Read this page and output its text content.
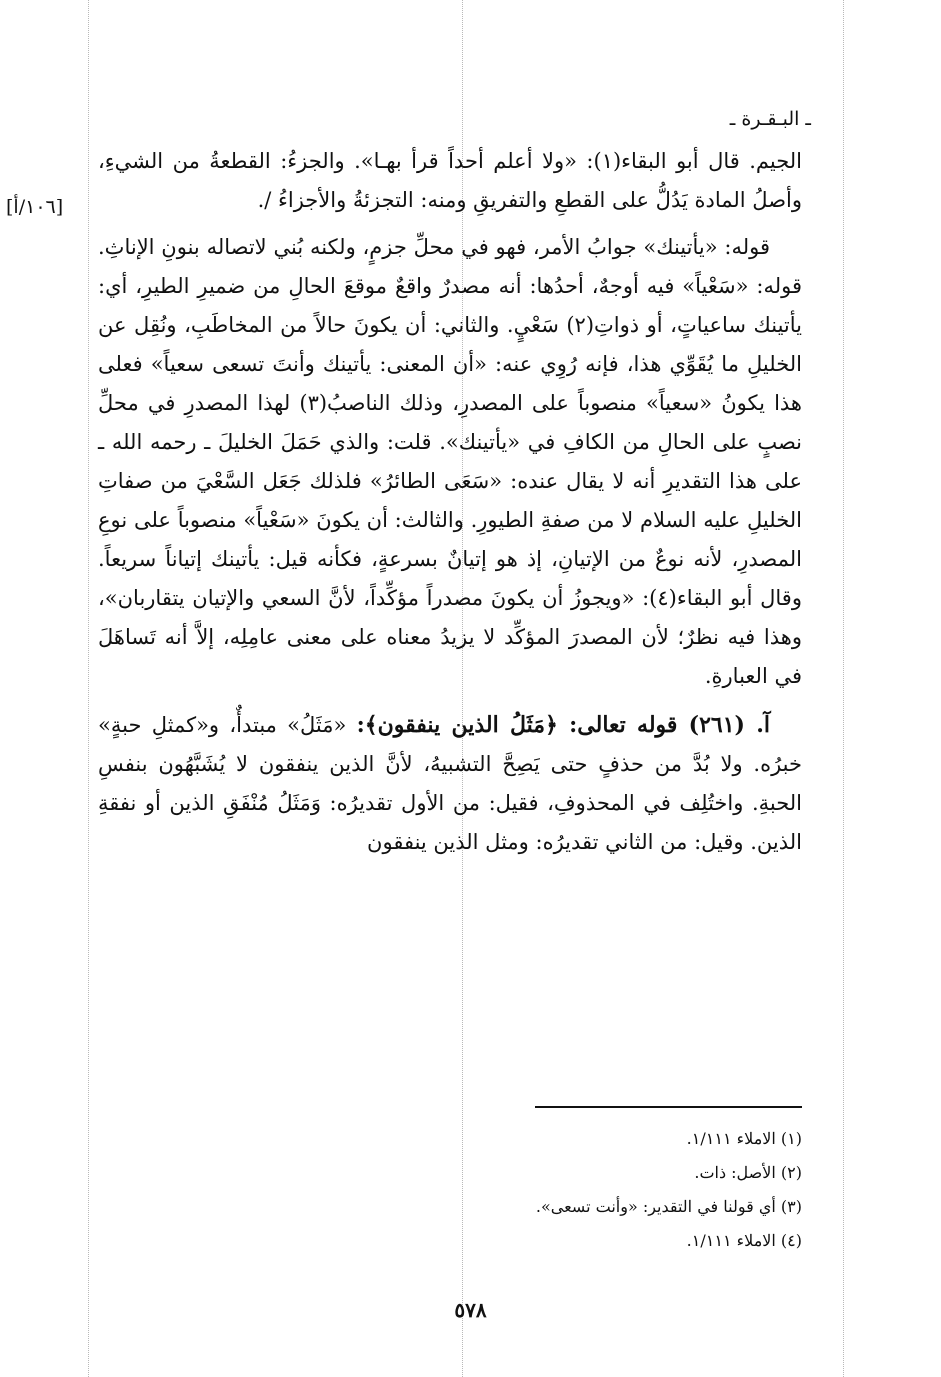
ـ البـقـرة ـ
[١٠٦/أ]

الجيم. قال أبو البقاء(١): «ولا أعلم أحداً قرأ بهـا». والجزءُ: القطعةُ من الشيءِ، وأصلُ المادة يَدُلُّ على القطعِ والتفريقِ ومنه: التجزئةُ والأجزاءُ /.

قوله: «يأتينك» جوابُ الأمر، فهو في محلِّ جزمٍ، ولكنه بُني لاتصاله بنونِ الإناثِ. قوله: «سَعْياً» فيه أوجهٌ، أحدُها: أنه مصدرٌ واقعٌ موقعَ الحالِ من ضميرِ الطيرِ، أي: يأتينك ساعياتٍ، أو ذواتِ(٢) سَعْيٍ. والثاني: أن يكونَ حالاً من المخاطَبِ، ونُقِل عن الخليلِ ما يُقَوِّي هذا، فإنه رُوِي عنه: «أن المعنى: يأتينك وأنتَ تسعى سعياً» فعلى هذا يكونُ «سعياً» منصوباً على المصدرِ، وذلك الناصبُ(٣) لهذا المصدرِ في محلِّ نصبٍ على الحالِ من الكافِ في «يأتينك». قلت: والذي حَمَلَ الخليلَ ـ رحمه الله ـ على هذا التقديرِ أنه لا يقال عنده: «سَعَى الطائرُ» فلذلك جَعَل السَّعْيَ من صفاتِ الخليلِ عليه السلام لا من صفةِ الطيورِ. والثالث: أن يكونَ «سَعْياً» منصوباً على نوعِ المصدرِ، لأنه نوعٌ من الإتيانِ، إذ هو إتيانٌ بسرعةٍ، فكأنه قيل: يأتينك إتياناً سريعاً. وقال أبو البقاء(٤): «ويجوزُ أن يكونَ مصدراً مؤكِّداً، لأنَّ السعي والإتيان يتقاربان»، وهذا فيه نظرٌ؛ لأن المصدرَ المؤكِّد لا يزيدُ معناه على معنى عامِلِه، إلاَّ أنه تَساهَلَ في العبارةِ.

آ. (٢٦١) قوله تعالى: ﴿مَثَلُ الذين ينفقون﴾: «مَثَلُ» مبتدأٌ، و«كمثلِ حبةٍ» خبرُه. ولا بُدَّ من حذفٍ حتى يَصِحَّ التشبيهُ، لأنَّ الذين ينفقون لا يُشَبَّهُون بنفسِ الحبةِ. واختُلِف في المحذوفِ، فقيل: من الأول تقديرُه: وَمَثَلُ مُنْفَقِ الذين أو نفقةِ الذين. وقيل: من الثاني تقديرُه: ومثل الذين ينفقون

(١) الاملاء ١/١١١.
(٢) الأصل: ذات.
(٣) أي قولنا في التقدير: «وأنت تسعى».
(٤) الاملاء ١/١١١.
٥٧٨
